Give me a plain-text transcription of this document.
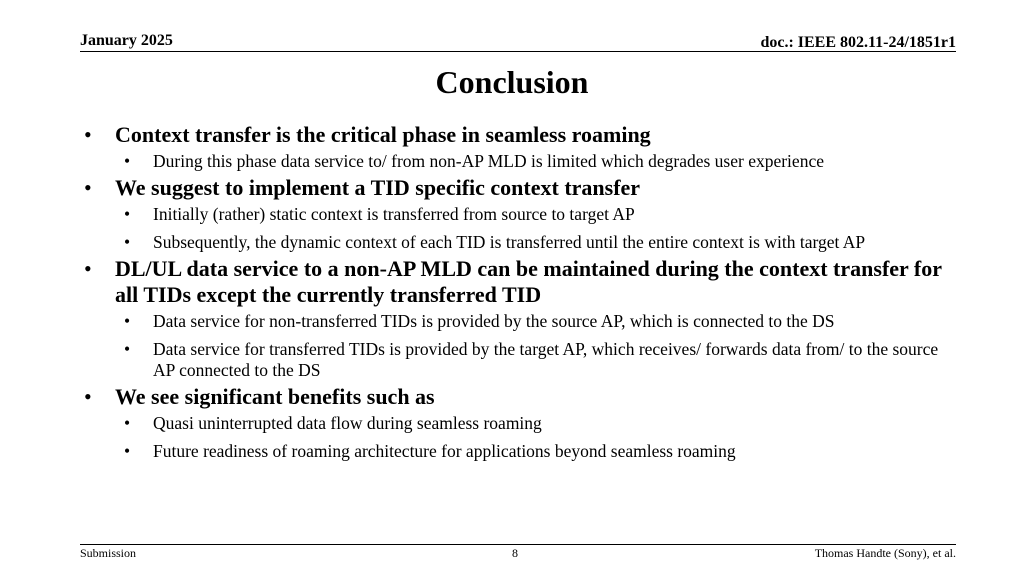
January 2025	doc.: IEEE 802.11-24/1851r1
Conclusion
• Context transfer is the critical phase in seamless roaming
• During this phase data service to/ from non-AP MLD is limited which degrades user experience
• We suggest to implement a TID specific context transfer
• Initially (rather) static context is transferred from source to target AP
• Subsequently, the dynamic context of each TID is transferred until the entire context is with target AP
• DL/UL data service to a non-AP MLD can be maintained during the context transfer for all TIDs except the currently transferred TID
• Data service for non-transferred TIDs is provided by the source AP, which is connected to the DS
• Data service for transferred TIDs is provided by the target AP, which receives/ forwards data from/ to the source AP connected to the DS
• We see significant benefits such as
• Quasi uninterrupted data flow during seamless roaming
• Future readiness of roaming architecture for applications beyond seamless roaming
Submission	8	Thomas Handte (Sony), et al.
